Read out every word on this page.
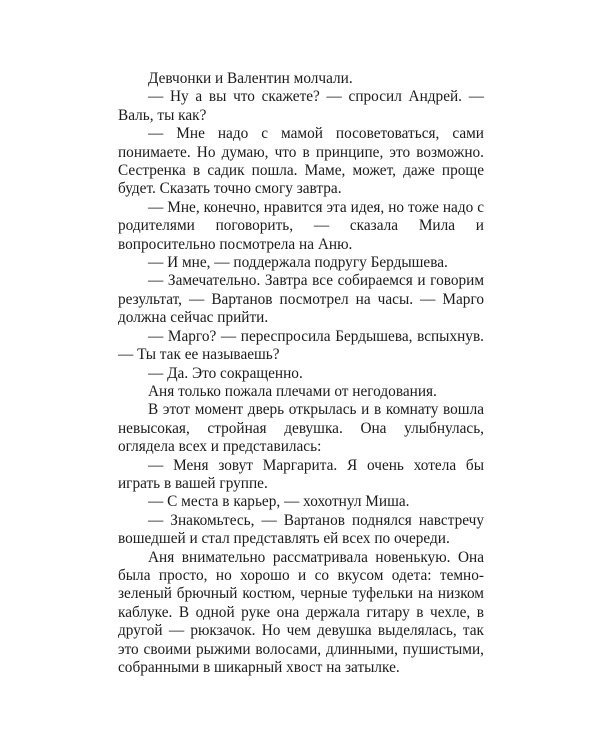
Девчонки и Валентин молчали.

— Ну а вы что скажете? — спросил Андрей. — Валь, ты как?

— Мне надо с мамой посоветоваться, сами понимаете. Но думаю, что в принципе, это возможно. Сестренка в садик пошла. Маме, может, даже проще будет. Сказать точно смогу завтра.

— Мне, конечно, нравится эта идея, но тоже надо с родителями поговорить, — сказала Мила и вопросительно посмотрела на Аню.

— И мне, — поддержала подругу Бердышева.

— Замечательно. Завтра все собираемся и говорим результат, — Вартанов посмотрел на часы. — Марго должна сейчас прийти.

— Марго? — переспросила Бердышева, вспыхнув. — Ты так ее называешь?

— Да. Это сокращенно.

Аня только пожала плечами от негодования.

В этот момент дверь открылась и в комнату вошла невысокая, стройная девушка. Она улыбнулась, оглядела всех и представилась:

— Меня зовут Маргарита. Я очень хотела бы играть в вашей группе.

— С места в карьер, — хохотнул Миша.

— Знакомьтесь, — Вартанов поднялся навстречу вошедшей и стал представлять ей всех по очереди.

Аня внимательно рассматривала новенькую. Она была просто, но хорошо и со вкусом одета: темно-зеленый брючный костюм, черные туфельки на низком каблуке. В одной руке она держала гитару в чехле, в другой — рюкзачок. Но чем девушка выделялась, так это своими рыжими волосами, длинными, пушистыми, собранными в шикарный хвост на затылке.
